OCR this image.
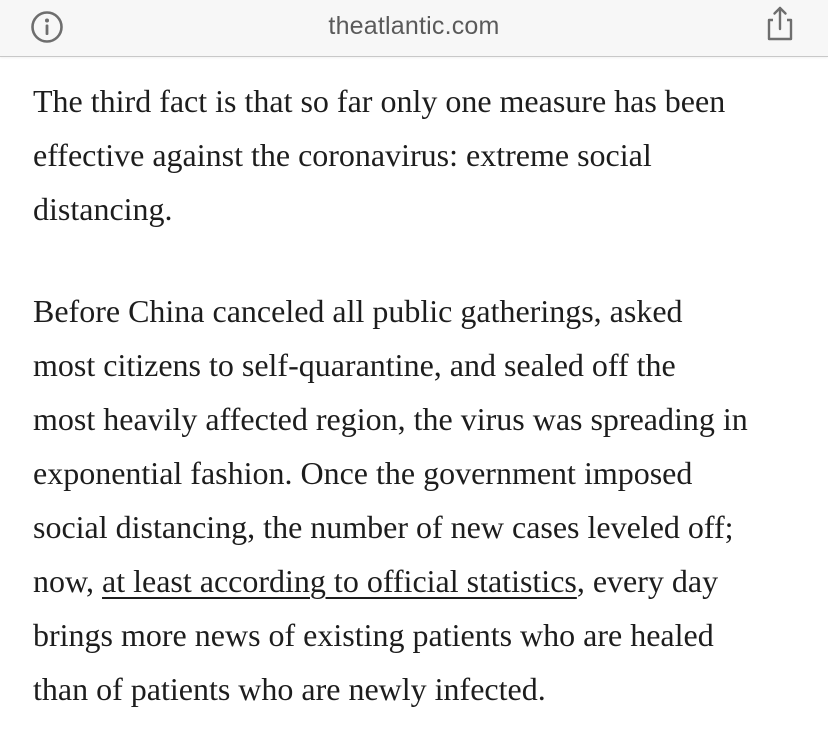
theatlantic.com

The third fact is that so far only one measure has been
effective against the coronavirus: extreme social
distancing.

Before China canceled all public gatherings, asked
most citizens to self-quarantine, and sealed off the
most heavily affected region, the virus was spreading in
exponential fashion. Once the government imposed
social distancing, the number of new cases leveled off;
now, at least according to official statistics, every day
brings more news of existing patients who are healed
than of patients who are newly infected.
